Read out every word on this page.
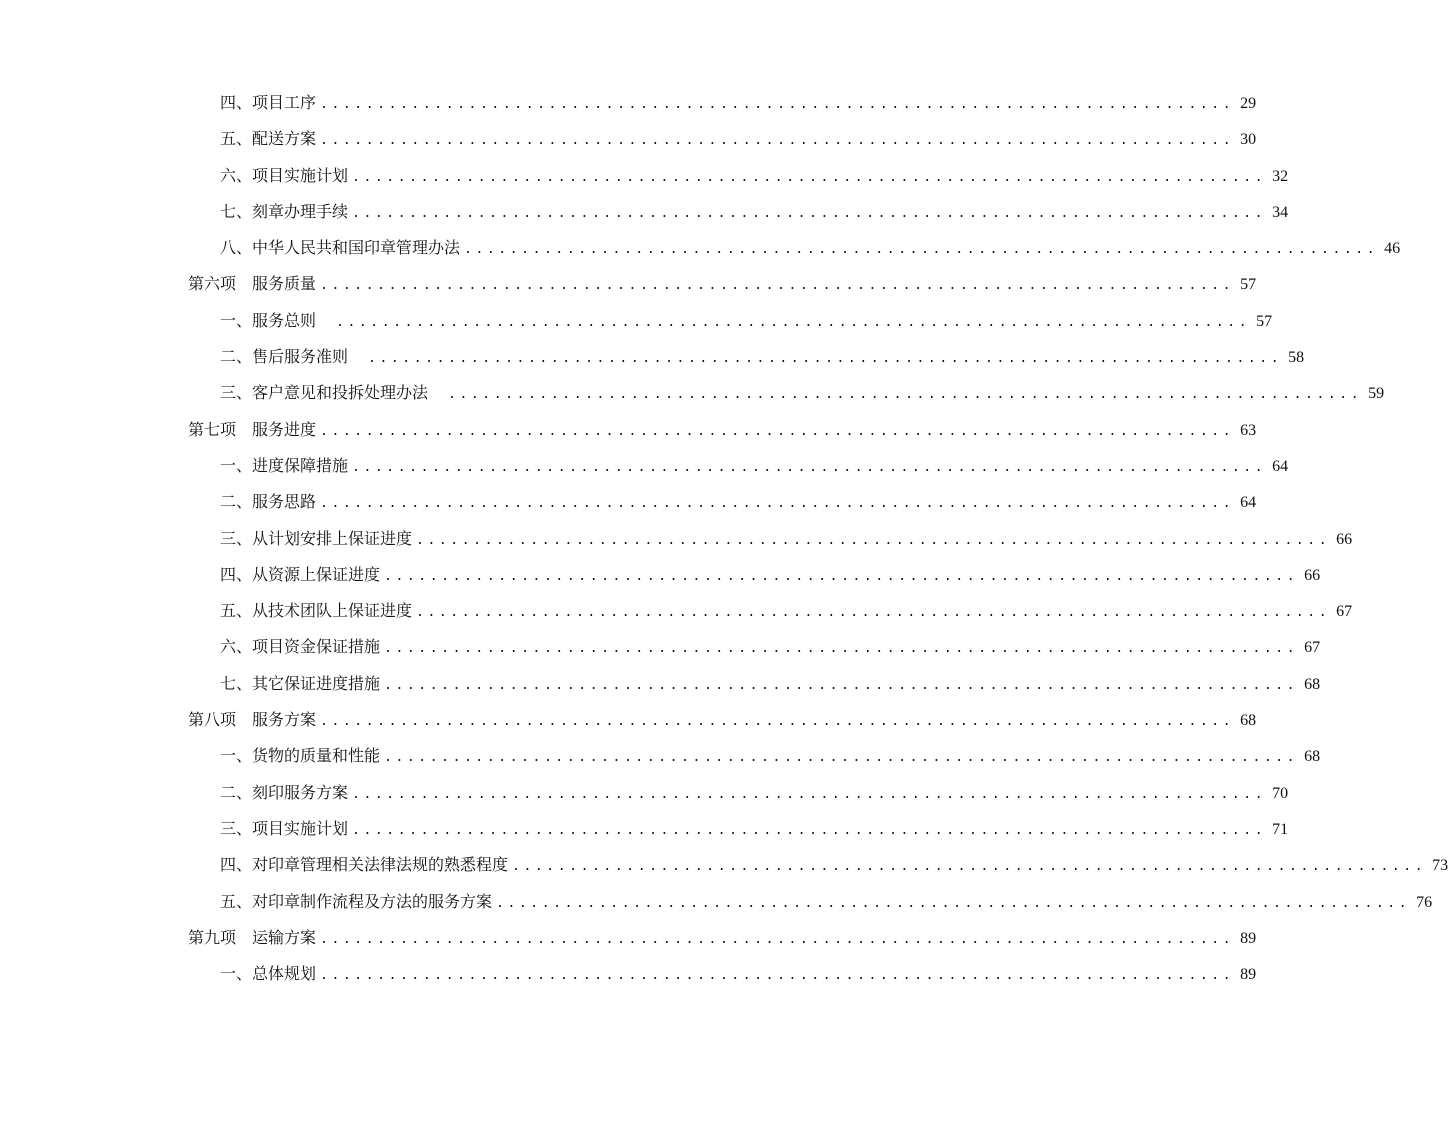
四、项目工序 ................................................................................ 29
五、配送方案 ................................................................................ 30
六、项目实施计划 ................................................................................ 32
七、刻章办理手续 ................................................................................ 34
八、中华人民共和国印章管理办法 ................................................................................ 46
第六项　服务质量 ................................................................................ 57
一、服务总则　 ................................................................................ 57
二、售后服务准则　 ................................................................................ 58
三、客户意见和投拆处理办法　 ................................................................................ 59
第七项　服务进度 ................................................................................ 63
一、进度保障措施 ................................................................................ 64
二、服务思路 ................................................................................ 64
三、从计划安排上保证进度 ................................................................................ 66
四、从资源上保证进度 ................................................................................ 66
五、从技术团队上保证进度 ................................................................................ 67
六、项目资金保证措施 ................................................................................ 67
七、其它保证进度措施 ................................................................................ 68
第八项　服务方案 ................................................................................ 68
一、货物的质量和性能 ................................................................................ 68
二、刻印服务方案 ................................................................................ 70
三、项目实施计划 ................................................................................ 71
四、对印章管理相关法律法规的熟悉程度 ................................................................................ 73
五、对印章制作流程及方法的服务方案 ................................................................................ 76
第九项　运输方案 ................................................................................ 89
一、总体规划 ................................................................................ 89
